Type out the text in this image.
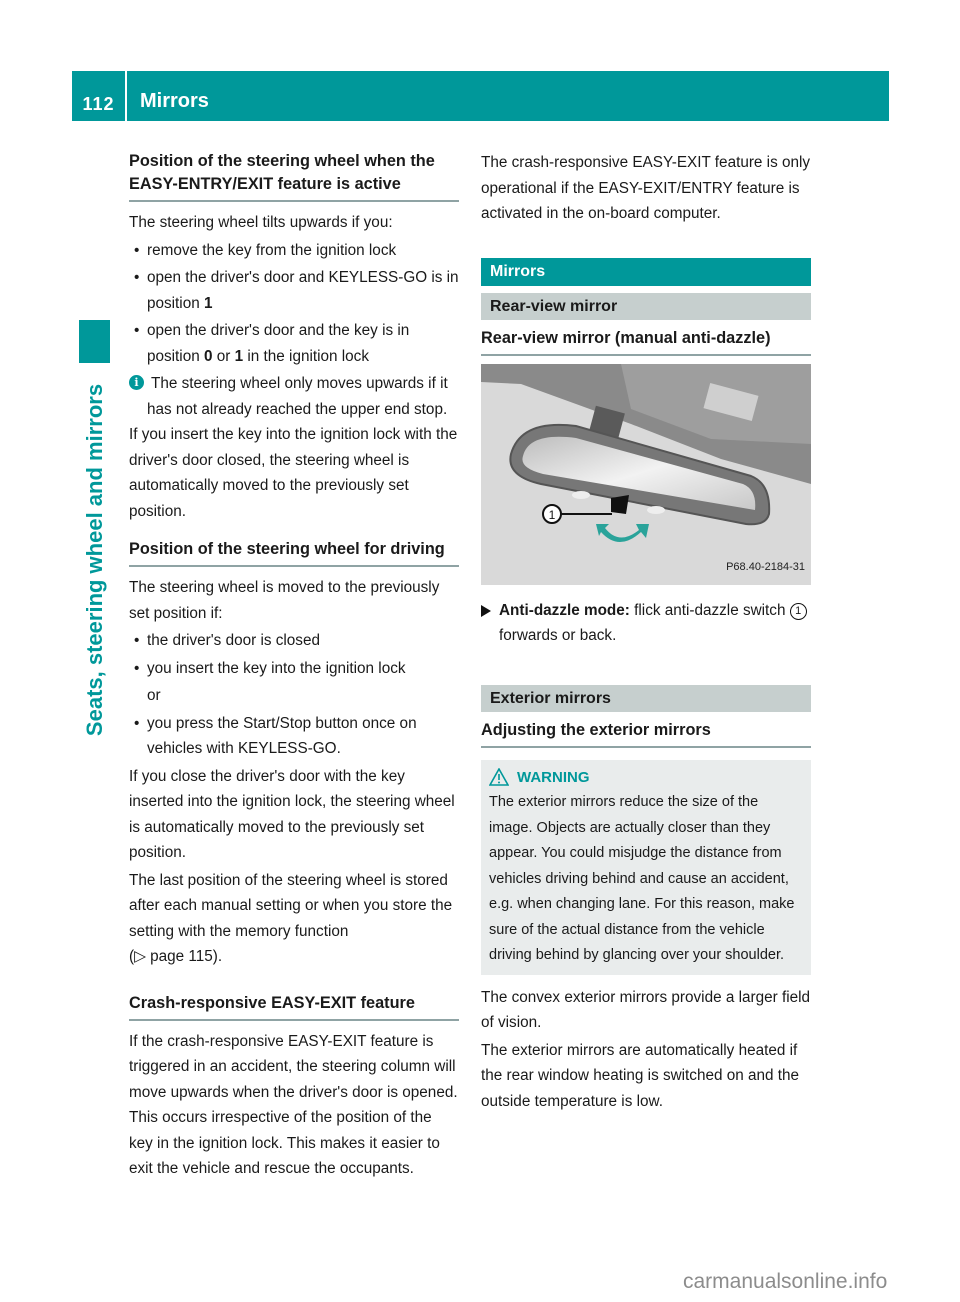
112	Mirrors
Seats, steering wheel and mirrors
Position of the steering wheel when the EASY-ENTRY/EXIT feature is active

The steering wheel tilts upwards if you:

• remove the key from the ignition lock
• open the driver's door and KEYLESS-GO is in position 1
• open the driver's door and the key is in position 0 or 1 in the ignition lock
i The steering wheel only moves upwards if it has not already reached the upper end stop.

If you insert the key into the ignition lock with the driver's door closed, the steering wheel is automatically moved to the previously set position.

Position of the steering wheel for driving

The steering wheel is moved to the previously set position if:

• the driver's door is closed
• you insert the key into the ignition lock
or
• you press the Start/Stop button once on vehicles with KEYLESS-GO.

If you close the driver's door with the key inserted into the ignition lock, the steering wheel is automatically moved to the previously set position.

The last position of the steering wheel is stored after each manual setting or when you store the setting with the memory function
(▷ page 115).

Crash-responsive EASY-EXIT feature

If the crash-responsive EASY-EXIT feature is triggered in an accident, the steering column will move upwards when the driver's door is opened. This occurs irrespective of the position of the key in the ignition lock. This makes it easier to exit the vehicle and rescue the occupants.

The crash-responsive EASY-EXIT feature is only operational if the EASY-EXIT/ENTRY feature is activated in the on-board computer.

Mirrors
Rear-view mirror
Rear-view mirror (manual anti-dazzle)
1
P68.40-2184-31
Anti-dazzle mode: flick anti-dazzle switch 1 forwards or back.
Exterior mirrors
Adjusting the exterior mirrors
WARNING
The exterior mirrors reduce the size of the image. Objects are actually closer than they appear. You could misjudge the distance from vehicles driving behind and cause an accident, e.g. when changing lane. For this reason, make sure of the actual distance from the vehicle driving behind by glancing over your shoulder.

The convex exterior mirrors provide a larger field of vision.

The exterior mirrors are automatically heated if the rear window heating is switched on and the outside temperature is low.

carmanualsonline.info
